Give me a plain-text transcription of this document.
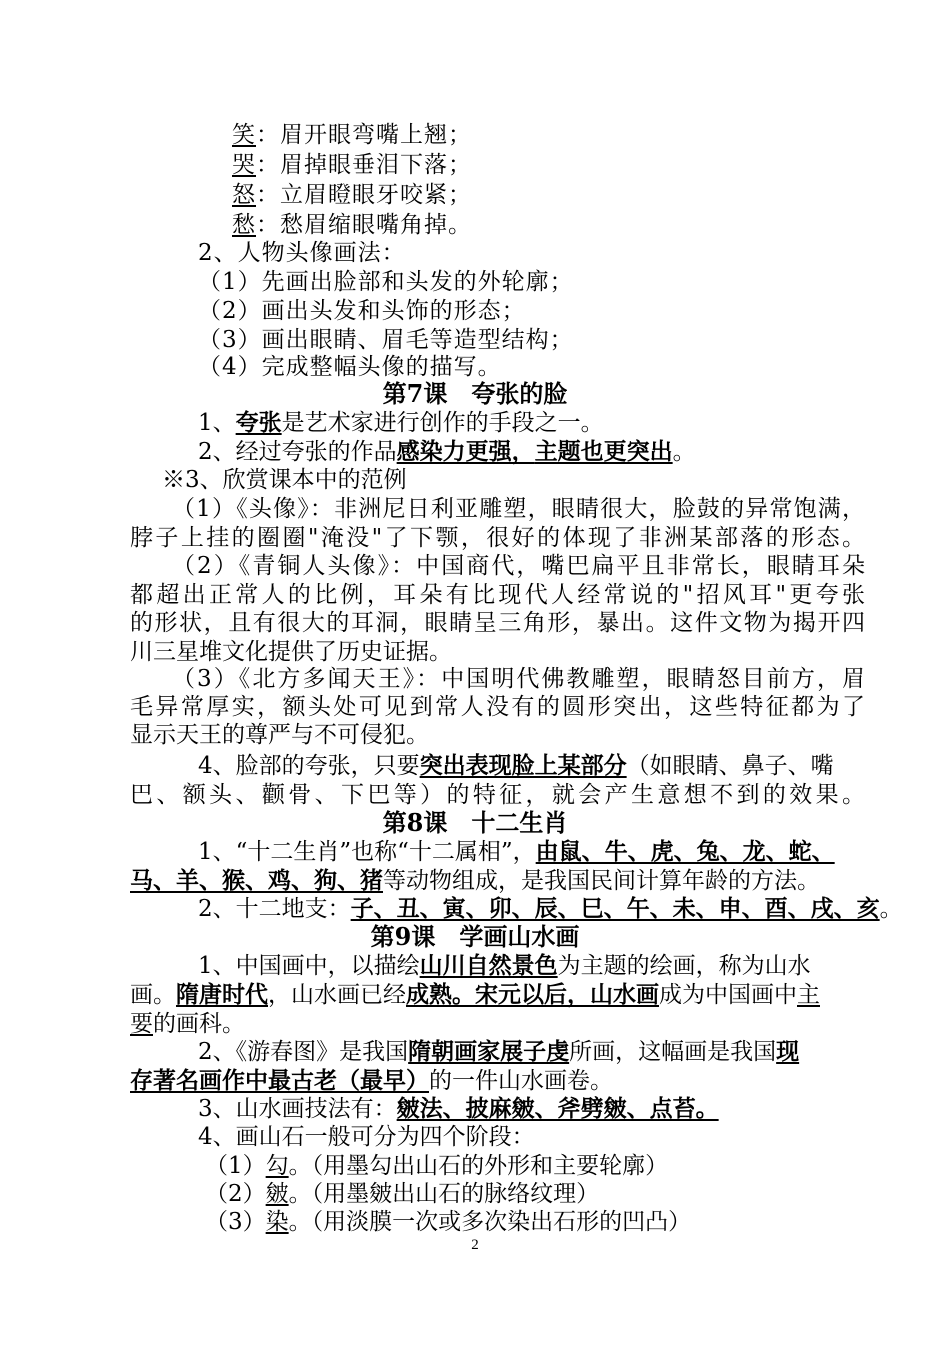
笑：眉开眼弯嘴上翘；
哭：眉掉眼垂泪下落；
怒：立眉瞪眼牙咬紧；
愁：愁眉缩眼嘴角掉。
2、人物头像画法：
（1）先画出脸部和头发的外轮廓；
（2）画出头发和头饰的形态；
（3）画出眼睛、眉毛等造型结构；
（4）完成整幅头像的描写。
第7课　夸张的脸
1、夸张是艺术家进行创作的手段之一。
2、经过夸张的作品感染力更强，主题也更突出。
※3、欣赏课本中的范例
（1）《头像》：非洲尼日利亚雕塑，眼睛很大，脸鼓的异常饱满，
脖子上挂的圈圈"淹没"了下颚，很好的体现了非洲某部落的形态。
（2）《青铜人头像》：中国商代，嘴巴扁平且非常长，眼睛耳朵
都超出正常人的比例，耳朵有比现代人经常说的"招风耳"更夸张
的形状，且有很大的耳洞，眼睛呈三角形，暴出。这件文物为揭开四
川三星堆文化提供了历史证据。
（3）《北方多闻天王》：中国明代佛教雕塑，眼睛怒目前方，眉
毛异常厚实，额头处可见到常人没有的圆形突出，这些特征都为了
显示天王的尊严与不可侵犯。
4、脸部的夸张，只要突出表现脸上某部分（如眼睛、鼻子、嘴
巴、额头、颧骨、下巴等）的特征，就会产生意想不到的效果。
第8课　十二生肖
1、“十二生肖”也称“十二属相”，由鼠、牛、虎、兔、龙、蛇、
马、羊、猴、鸡、狗、猪等动物组成，是我国民间计算年龄的方法。
2、十二地支：子、丑、寅、卯、辰、巳、午、未、申、酉、戌、亥。
第9课　学画山水画
1、中国画中，以描绘山川自然景色为主题的绘画，称为山水
画。隋唐时代，山水画已经成熟。宋元以后，山水画成为中国画中主
要的画科。
2、《游春图》是我国隋朝画家展子虔所画，这幅画是我国现
存著名画作中最古老（最早）的一件山水画卷。
3、山水画技法有：皴法、披麻皴、斧劈皴、点苔。
4、画山石一般可分为四个阶段：
（1）勾。（用墨勾出山石的外形和主要轮廓）
（2）皴。（用墨皴出山石的脉络纹理）
（3）染。（用淡膜一次或多次染出石形的凹凸）
2
